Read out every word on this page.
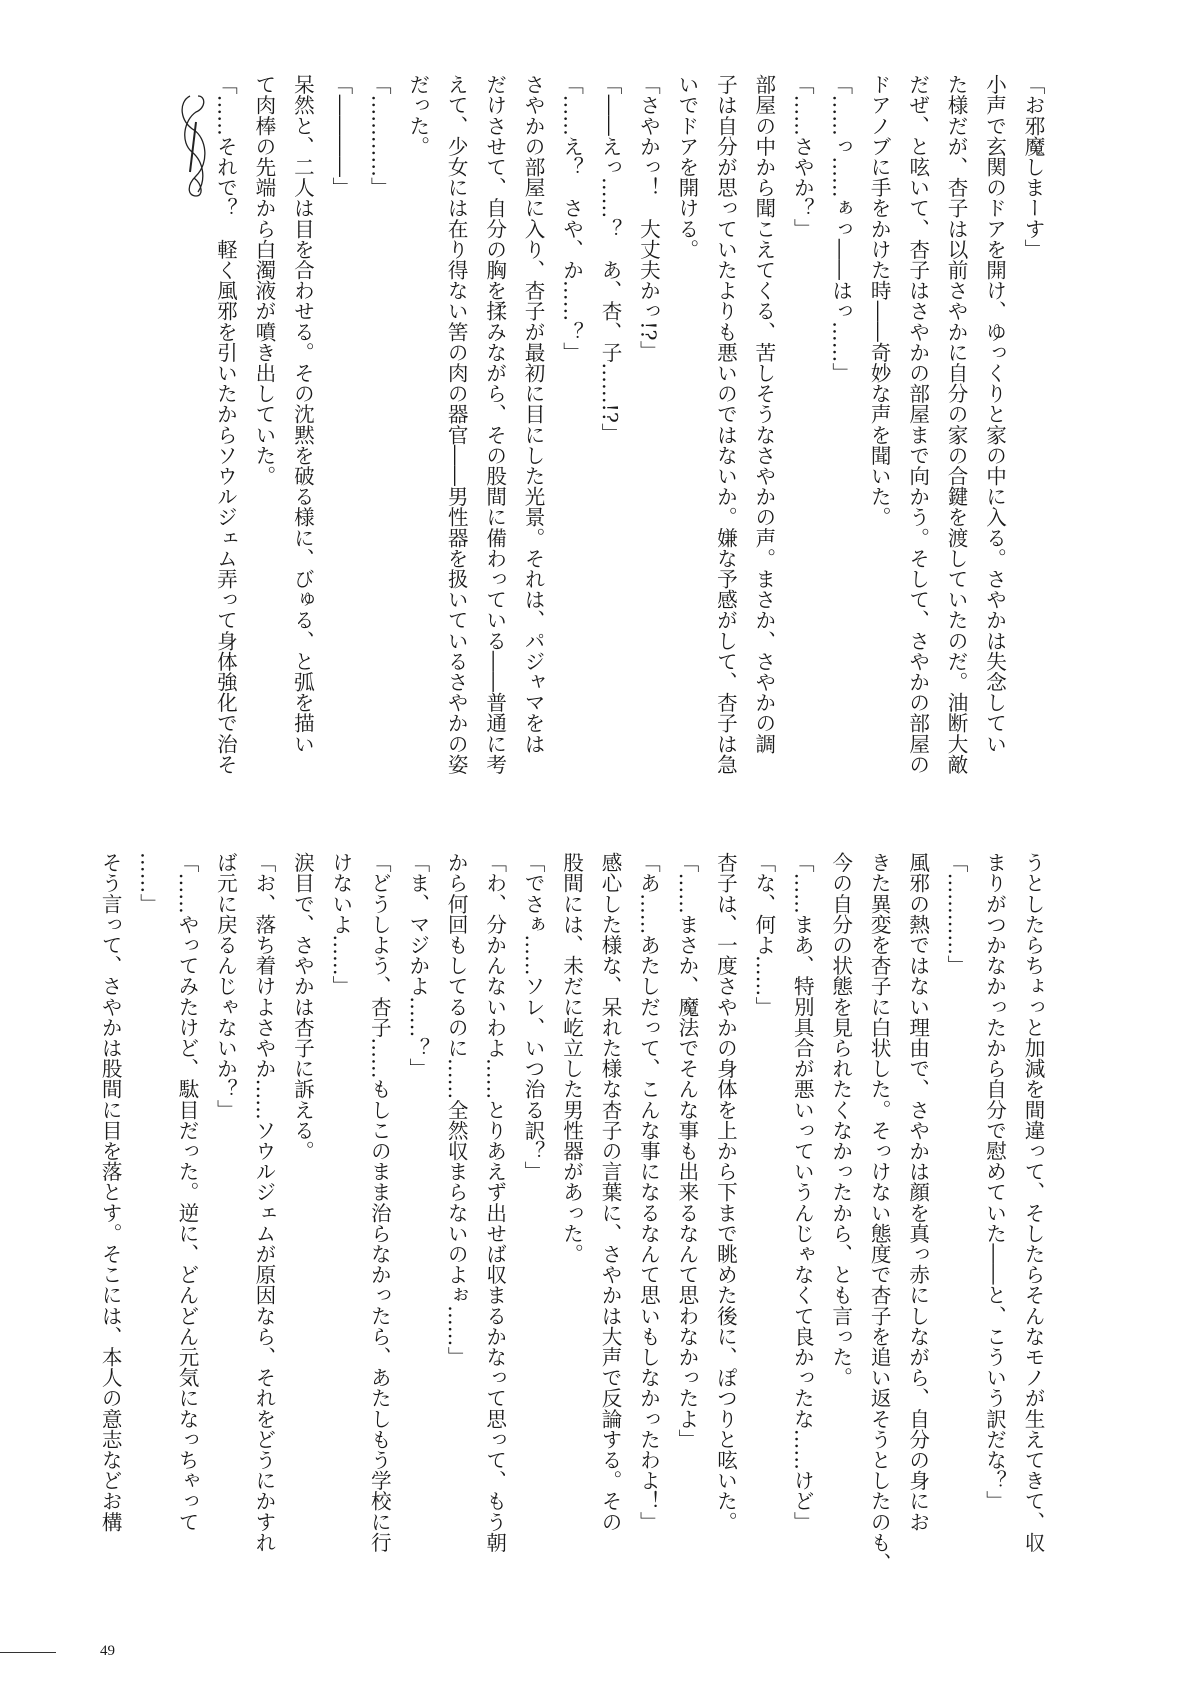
「お邪魔しまーす」

小声で玄関のドアを開け、ゆっくりと家の中に入る。さやかは失念してい

た様だが、杏子は以前さやかに自分の家の合鍵を渡していたのだ。油断大敵

だぜ、と呟いて、杏子はさやかの部屋まで向かう。そして、さやかの部屋の

ドアノブに手をかけた時――奇妙な声を聞いた。

「……っ……ぁっ――はっ……」

「……さやか？」

部屋の中から聞こえてくる、苦しそうなさやかの声。まさか、さやかの調

子は自分が思っていたよりも悪いのではないか。嫌な予感がして、杏子は急

いでドアを開ける。

「さやかっ！　大丈夫かっ!?」

「――えっ……？　あ、杏、子……!?」

「……え？　さや、か……？」

さやかの部屋に入り、杏子が最初に目にした光景。それは、パジャマをは

だけさせて、自分の胸を揉みながら、その股間に備わっている――普通に考

えて、少女には在り得ない筈の肉の器官――男性器を扱いているさやかの姿

だった。

「…………」

「――――」

呆然と、二人は目を合わせる。その沈黙を破る様に、びゅる、と弧を描い

て肉棒の先端から白濁液が噴き出していた。

「……それで？　軽く風邪を引いたからソウルジェム弄って身体強化で治そ

うとしたらちょっと加減を間違って、そしたらそんなモノが生えてきて、収

まりがつかなかったから自分で慰めていた――と、こういう訳だな？」

「…………」

風邪の熱ではない理由で、さやかは顔を真っ赤にしながら、自分の身にお

きた異変を杏子に白状した。そっけない態度で杏子を追い返そうとしたのも、

今の自分の状態を見られたくなかったから、とも言った。

「……まあ、特別具合が悪いっていうんじゃなくて良かったな……けど」

「な、何よ……」

杏子は、一度さやかの身体を上から下まで眺めた後に、ぽつりと呟いた。

「……まさか、魔法でそんな事も出来るなんて思わなかったよ」

「あ……あたしだって、こんな事になるなんて思いもしなかったわよ！」

感心した様な、呆れた様な杏子の言葉に、さやかは大声で反論する。その

股間には、未だに屹立した男性器があった。

「でさぁ……ソレ、いつ治る訳？」

「わ、分かんないわよ……とりあえず出せば収まるかなって思って、もう朝

から何回もしてるのに……全然収まらないのよぉ……」

「ま、マジかよ……？」

「どうしよう、杏子……もしこのまま治らなかったら、あたしもう学校に行

けないよ……」

涙目で、さやかは杏子に訴える。

「お、落ち着けよさやか……ソウルジェムが原因なら、それをどうにかすれ

ば元に戻るんじゃないか？」

「……やってみたけど、駄目だった。逆に、どんどん元気になっちゃって

……」

そう言って、さやかは股間に目を落とす。そこには、本人の意志などお構

49
